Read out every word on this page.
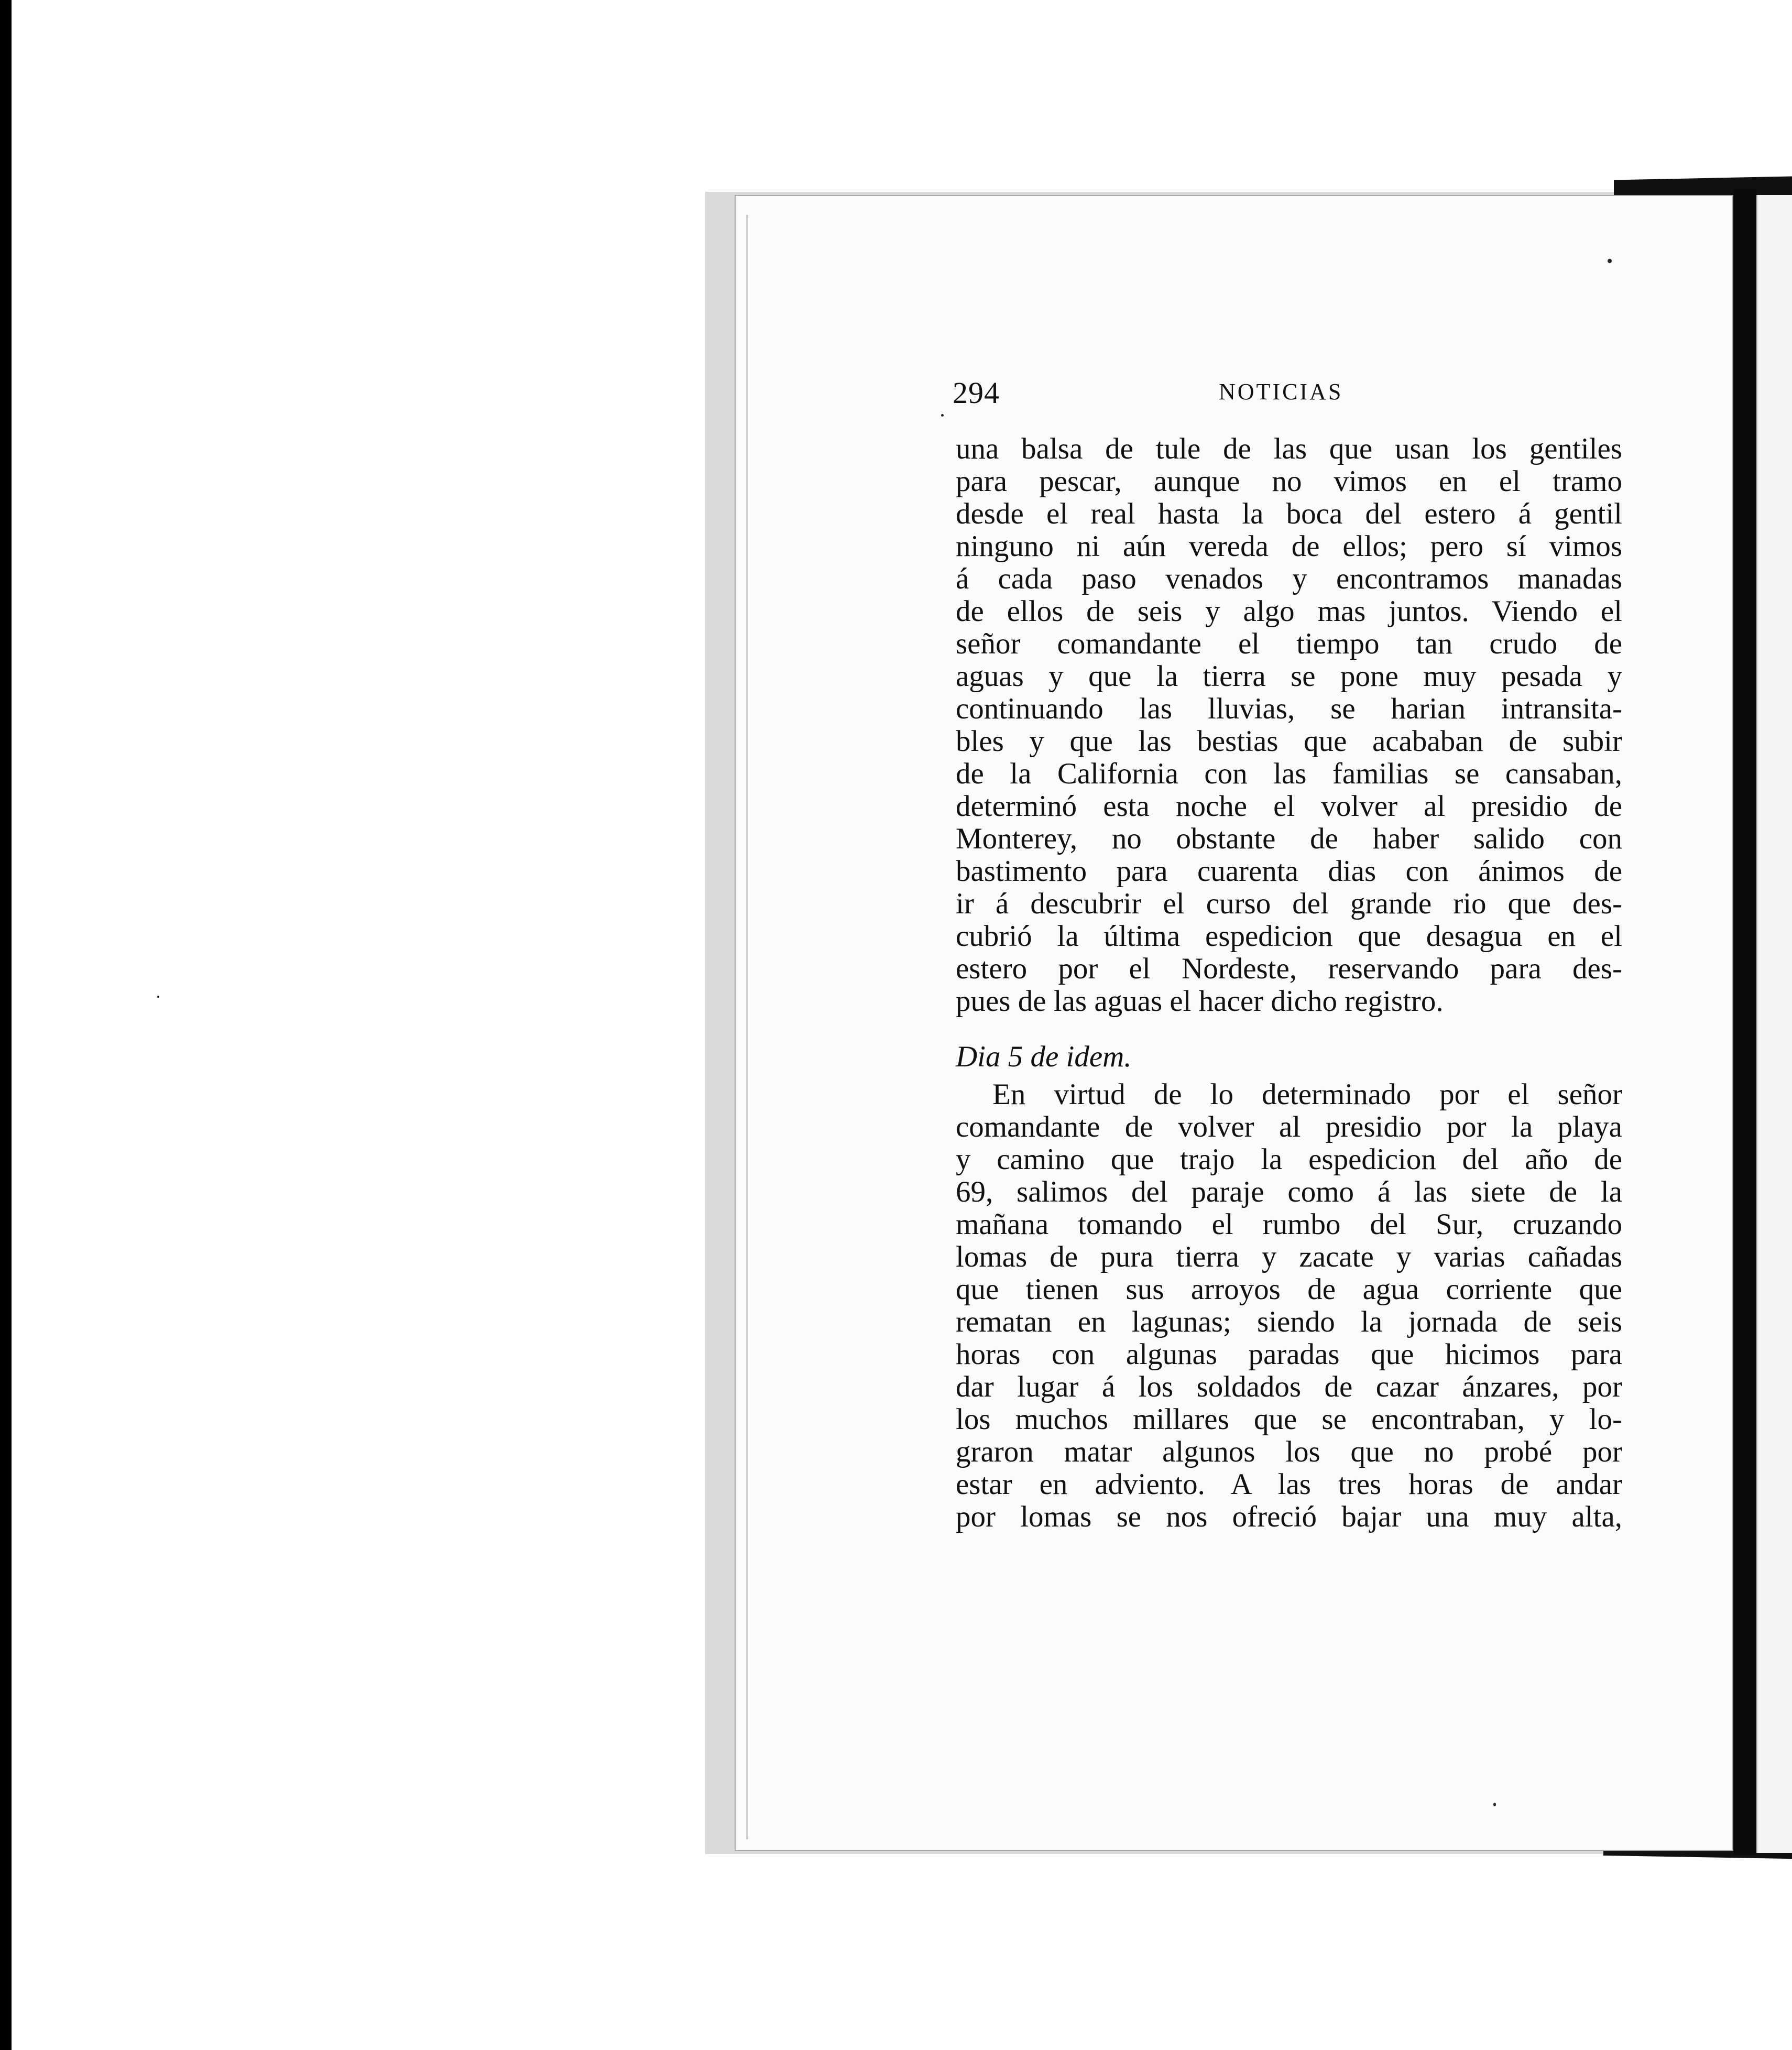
294	NOTICIAS
una balsa de tule de las que usan los gentiles
para pescar, aunque no vimos en el tramo
desde el real hasta la boca del estero á gentil
ninguno ni aún vereda de ellos; pero sí vimos
á cada paso venados y encontramos manadas
de ellos de seis y algo mas juntos. Viendo el
señor comandante el tiempo tan crudo de
aguas y que la tierra se pone muy pesada y
continuando las lluvias, se harian intransita-
bles y que las bestias que acababan de subir
de la California con las familias se cansaban,
determinó esta noche el volver al presidio de
Monterey, no obstante de haber salido con
bastimento para cuarenta dias con ánimos de
ir á descubrir el curso del grande rio que des-
cubrió la última espedicion que desagua en el
estero por el Nordeste, reservando para des-
pues de las aguas el hacer dicho registro.
Dia 5 de idem.
En virtud de lo determinado por el señor
comandante de volver al presidio por la playa
y camino que trajo la espedicion del año de
69, salimos del paraje como á las siete de la
mañana tomando el rumbo del Sur, cruzando
lomas de pura tierra y zacate y varias cañadas
que tienen sus arroyos de agua corriente que
rematan en lagunas; siendo la jornada de seis
horas con algunas paradas que hicimos para
dar lugar á los soldados de cazar ánzares, por
los muchos millares que se encontraban, y lo-
graron matar algunos los que no probé por
estar en adviento. A las tres horas de andar
por lomas se nos ofreció bajar una muy alta,
